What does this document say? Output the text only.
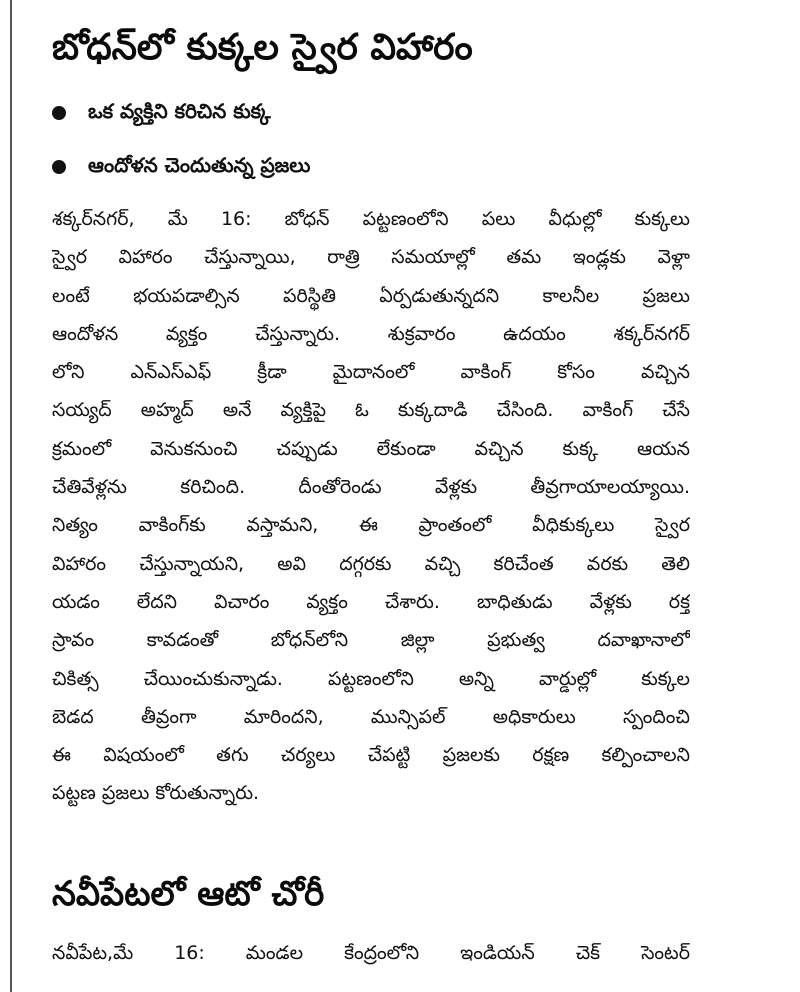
బోధన్‌లో కుక్కల స్వైర విహారం
ఒక వ్యక్తిని కరిచిన కుక్క
ఆందోళన చెందుతున్న ప్రజలు
శక్కర్‌నగర్, మే 16: బోధన్ పట్టణంలోని పలు వీధుల్లో కుక్కలు
స్వైర విహారం చేస్తున్నాయి, రాత్రి సమయాల్లో తమ ఇండ్లకు వెళ్లా
లంటే భయపడాల్సిన పరిస్థితి ఏర్పడుతున్నదని కాలనీల ప్రజలు
ఆందోళన వ్యక్తం చేస్తున్నారు. శుక్రవారం ఉదయం శక్కర్‌నగర్
లోని ఎన్‌ఎస్‌ఎఫ్ క్రీడా మైదానంలో వాకింగ్ కోసం వచ్చిన
సయ్యద్ అహ్మద్ అనే వ్యక్తిపై ఓ కుక్కదాడి చేసింది. వాకింగ్ చేసే
క్రమంలో వెనుకనుంచి చప్పుడు లేకుండా వచ్చిన కుక్క ఆయన
చేతివేళ్లను కరిచింది. దీంతోరెండు వేళ్లకు తీవ్రగాయాలయ్యాయి.
నిత్యం వాకింగ్‌కు వస్తామని, ఈ ప్రాంతంలో వీధికుక్కలు స్వైర
విహారం చేస్తున్నాయని, అవి దగ్గరకు వచ్చి కరిచేంత వరకు తెలి
యడం లేదని విచారం వ్యక్తం చేశారు. బాధితుడు వేళ్లకు రక్త
స్రావం కావడంతో బోధన్‌లోని జిల్లా ప్రభుత్వ దవాఖానాలో
చికిత్స చేయించుకున్నాడు. పట్టణంలోని అన్ని వార్డుల్లో కుక్కల
బెడద తీవ్రంగా మారిందని, మున్సిపల్ అధికారులు స్పందించి
ఈ విషయంలో తగు చర్యలు చేపట్టి ప్రజలకు రక్షణ కల్పించాలని
పట్టణ ప్రజలు కోరుతున్నారు.
నవీపేటలో ఆటో చోరీ
నవీపేట,మే 16: మండల కేంద్రంలోని ఇండియన్ చెక్ సెంటర్
